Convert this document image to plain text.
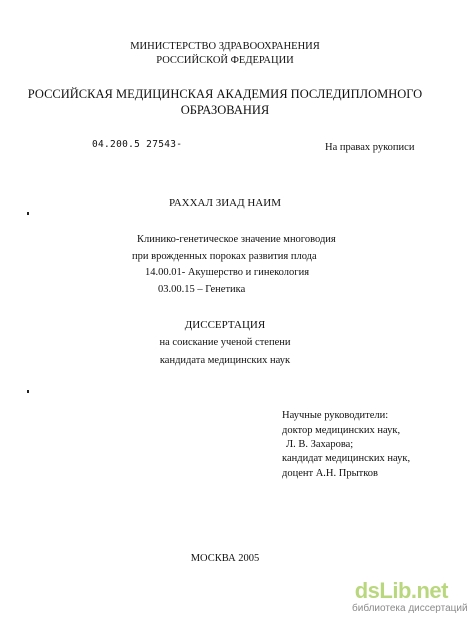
МИНИСТЕРСТВО ЗДРАВООХРАНЕНИЯ
РОССИЙСКОЙ ФЕДЕРАЦИИ
РОССИЙСКАЯ МЕДИЦИНСКАЯ АКАДЕМИЯ ПОСЛЕДИПЛОМНОГО
ОБРАЗОВАНИЯ
04.200.5 27543-	На правах рукописи
РАХХАЛ ЗИАД НАИМ
Клинико-генетическое значение многоводия
при врожденных пороках развития плода
14.00.01- Акушерство и гинекология
03.00.15 – Генетика
ДИССЕРТАЦИЯ
на соискание ученой степени
кандидата медицинских наук
Научные руководители:
доктор медицинских наук,
Л. В. Захарова;
кандидат медицинских наук,
доцент А.Н. Прытков
МОСКВА 2005
dsLib.net
библиотека диссертаций
